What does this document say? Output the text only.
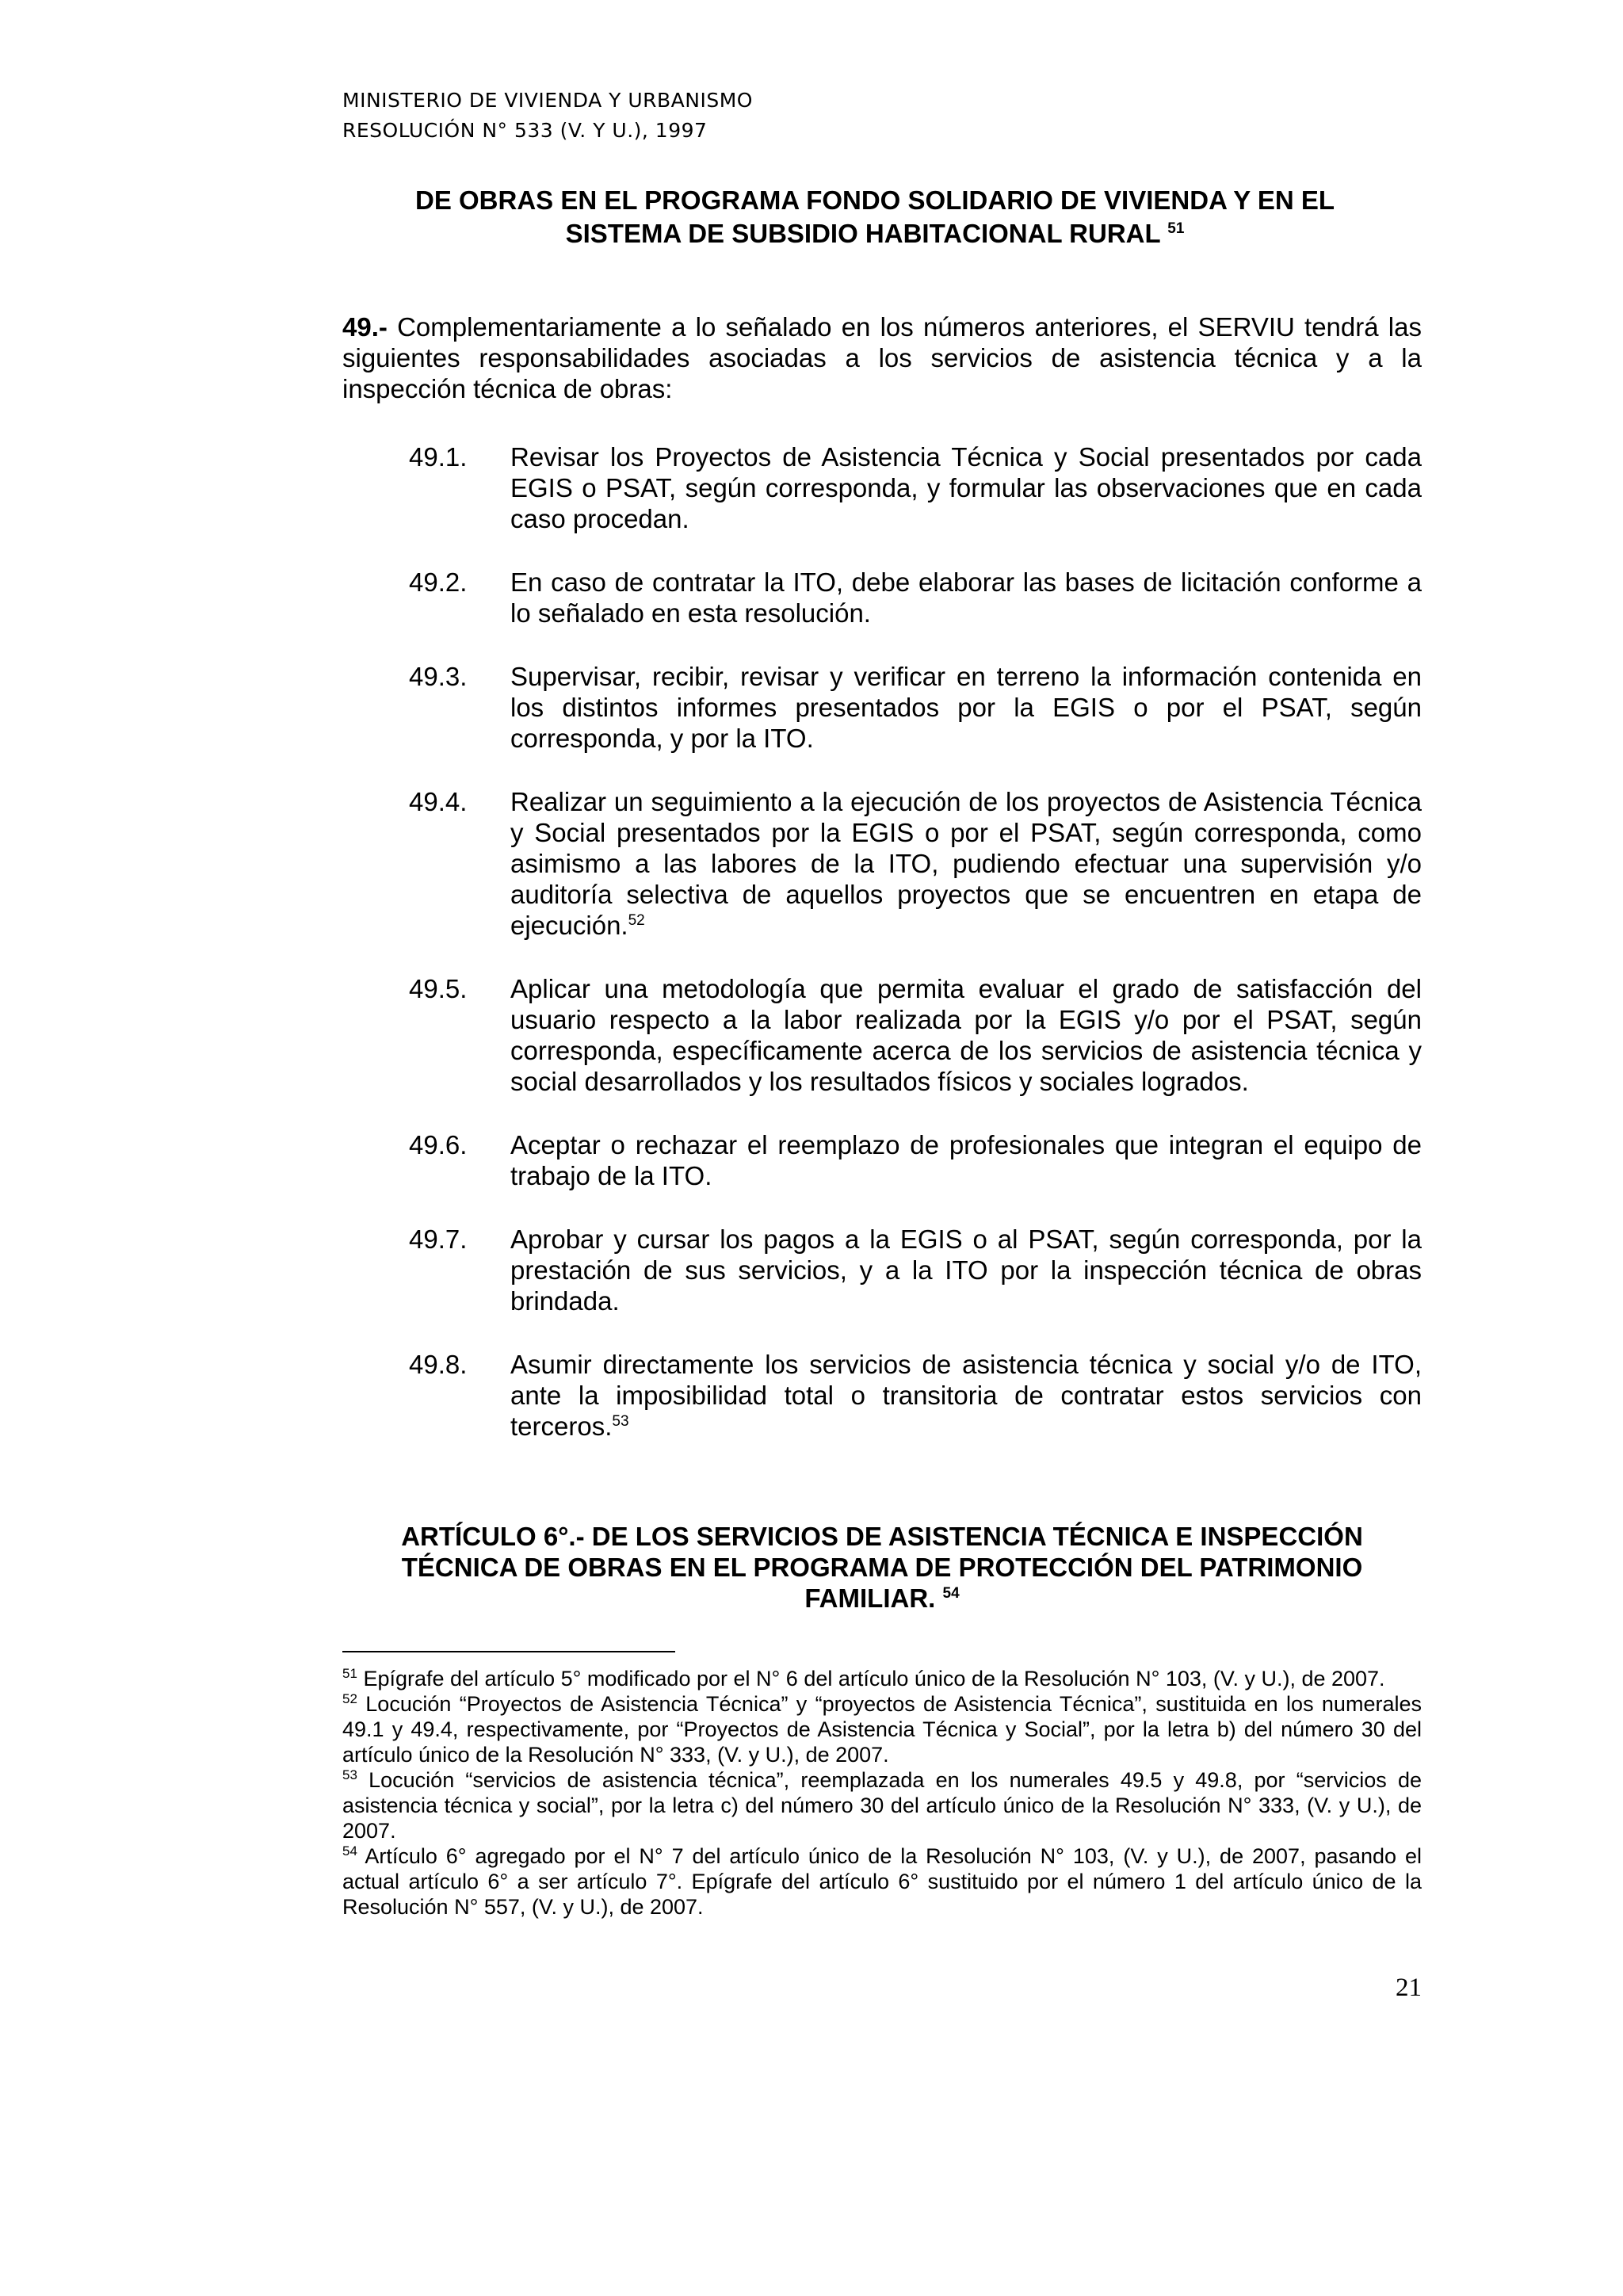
MINISTERIO DE VIVIENDA Y URBANISMO
RESOLUCIÓN N° 533 (V. Y U.), 1997
DE OBRAS EN EL PROGRAMA FONDO SOLIDARIO DE VIVIENDA Y EN EL
SISTEMA DE SUBSIDIO HABITACIONAL RURAL $^{51}$
49.- Complementariamente a lo señalado en los números anteriores, el SERVIU tendrá las siguientes responsabilidades asociadas a los servicios de asistencia técnica y a la inspección técnica de obras:
49.1.	Revisar los Proyectos de Asistencia Técnica y Social presentados por cada EGIS o PSAT, según corresponda, y formular las observaciones que en cada caso procedan.
49.2.	En caso de contratar la ITO, debe elaborar las bases de licitación conforme a lo señalado en esta resolución.
49.3.	Supervisar, recibir, revisar y verificar en terreno la información contenida en los distintos informes presentados por la EGIS o por el PSAT, según corresponda, y por la ITO.
49.4.	Realizar un seguimiento a la ejecución de los proyectos de Asistencia Técnica y Social presentados por la EGIS o por el PSAT, según corresponda, como asimismo a las labores de la ITO, pudiendo efectuar una supervisión y/o auditoría selectiva de aquellos proyectos que se encuentren en etapa de ejecución.$^{52}$
49.5.	Aplicar una metodología que permita evaluar el grado de satisfacción del usuario respecto a la labor realizada por la EGIS y/o por el PSAT, según corresponda, específicamente acerca de los servicios de asistencia técnica y social desarrollados y los resultados físicos y sociales logrados.
49.6.	Aceptar o rechazar el reemplazo de profesionales que integran el equipo de trabajo de la ITO.
49.7.	Aprobar y cursar los pagos a la EGIS o al PSAT, según corresponda, por la prestación de sus servicios, y a la ITO por la inspección técnica de obras brindada.
49.8.	Asumir directamente los servicios de asistencia técnica y social y/o de ITO, ante la imposibilidad total o transitoria de contratar estos servicios con terceros.$^{53}$
ARTÍCULO 6°.- DE LOS SERVICIOS DE ASISTENCIA TÉCNICA E INSPECCIÓN
TÉCNICA DE OBRAS EN EL PROGRAMA DE PROTECCIÓN DEL PATRIMONIO
FAMILIAR. $^{54}$

$^{51}$ Epígrafe del artículo 5° modificado por el N° 6 del artículo único de la Resolución N° 103, (V. y U.), de 2007.

$^{52}$ Locución “Proyectos de Asistencia Técnica” y “proyectos de Asistencia Técnica”, sustituida en los numerales 49.1 y 49.4, respectivamente, por “Proyectos de Asistencia Técnica y Social”, por la letra b) del número 30 del artículo único de la Resolución N° 333, (V. y U.), de 2007.

$^{53}$ Locución “servicios de asistencia técnica”, reemplazada en los numerales 49.5 y 49.8, por “servicios de asistencia técnica y social”, por la letra c) del número 30 del artículo único de la Resolución N° 333, (V. y U.), de 2007.

$^{54}$ Artículo 6° agregado por el N° 7 del artículo único de la Resolución N° 103, (V. y U.), de 2007, pasando el actual artículo 6° a ser artículo 7°. Epígrafe del artículo 6° sustituido por el número 1 del artículo único de la Resolución N° 557, (V. y U.), de 2007.

21
